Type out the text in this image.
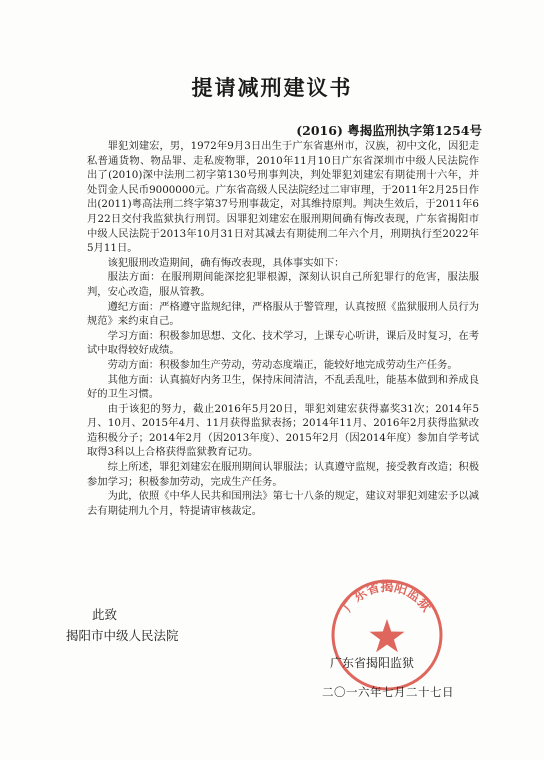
提请减刑建议书
(2016) 粤揭监刑执字第1254号

罪犯刘建宏，男，1972年9月3日出生于广东省惠州市，汉族，初中文化，因犯走私普通货物、物品罪、走私废物罪，2010年11月10日广东省深圳市中级人民法院作出了(2010)深中法刑二初字第130号刑事判决，判处罪犯刘建宏有期徒刑十六年，并处罚金人民币9000000元。广东省高级人民法院经过二审审理，于2011年2月25日作出(2011)粤高法刑二终字第37号刑事裁定，对其维持原判。判决生效后，于2011年6月22日交付我监狱执行刑罚。因罪犯刘建宏在服刑期间确有悔改表现，广东省揭阳市中级人民法院于2013年10月31日对其减去有期徒刑二年六个月，刑期执行至2022年5月11日。

该犯服刑改造期间，确有悔改表现，具体事实如下：

服法方面：在服刑期间能深挖犯罪根源，深刻认识自己所犯罪行的危害，服法服判，安心改造，服从管教。

遵纪方面：严格遵守监规纪律，严格服从于警管理，认真按照《监狱服刑人员行为规范》来约束自己。

学习方面：积极参加思想、文化、技术学习，上课专心听讲，课后及时复习，在考试中取得较好成绩。

劳动方面：积极参加生产劳动，劳动态度端正，能较好地完成劳动生产任务。

其他方面：认真搞好内务卫生，保持床间清洁，不乱丢乱吐，能基本做到和养成良好的卫生习惯。

由于该犯的努力，截止2016年5月20日，罪犯刘建宏获得嘉奖31次；2014年5月、10月、2015年4月、11月获得监狱表扬；2014年11月、2016年2月获得监狱改造积极分子；2014年2月（因2013年度）、2015年2月（因2014年度）参加自学考试取得3科以上合格获得监狱教育记功。

综上所述，罪犯刘建宏在服刑期间认罪服法；认真遵守监规，接受教育改造；积极参加学习；积极参加劳动，完成生产任务。

为此，依照《中华人民共和国刑法》第七十八条的规定，建议对罪犯刘建宏予以减去有期徒刑九个月，特提请审核裁定。

此致
揭阳市中级人民法院
广东省揭阳监狱
广东省揭阳监狱
二〇一六年七月二十七日
